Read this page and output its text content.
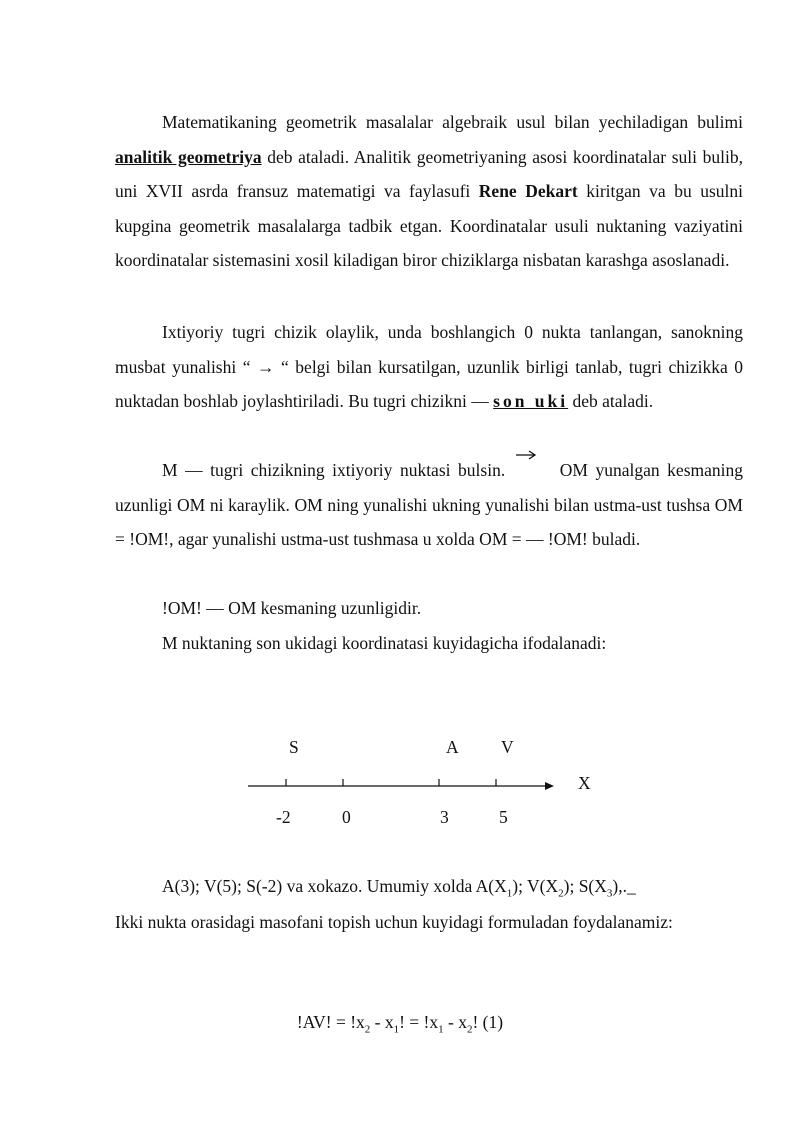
Matematikaning geometrik masalalar algebraik usul bilan yechiladigan bulimi analitik geometriya deb ataladi. Analitik geometriyaning asosi koordinatalar suli bulib, uni XVII asrda fransuz matematigi va faylasufi Rene Dekart kiritgan va bu usulni kupgina geometrik masalalarga tadbik etgan. Koordinatalar usuli nuktaning vaziyatini koordinatalar sistemasini xosil kiladigan biror chiziklarga nisbatan karashga asoslanadi.

Ixtiyoriy tugri chizik olaylik, unda boshlangich 0 nukta tanlangan, sanokning musbat yunalishi “ → “ belgi bilan kursatilgan, uzunlik birligi tanlab, tugri chizikka 0 nuktadan boshlab joylashtiriladi. Bu tugri chizikni — son uki deb ataladi.

M — tugri chizikning ixtiyoriy nuktasi bulsin.	OM yunalgan kesmaning uzunligi OM ni karaylik. OM ning yunalishi ukning yunalishi bilan ustma-ust tushsa OM = !OM!, agar yunalishi ustma-ust tushmasa u xolda OM = — !OM! buladi.

!OM! — OM kesmaning uzunligidir.

M nuktaning son ukidagi koordinatasi kuyidagicha ifodalanadi:

S	A V
X
-2	0	3	5

A(3); V(5); S(-2) va xokazo. Umumiy xolda $A(X_1)$; $V(X_2)$; $S(X_3),.\_$

Ikki nukta orasidagi masofani topish uchun kuyidagi formuladan foydalanamiz:

!AV! = $!x_2 - x_1$! = $!x_1 - x_2$! (1)
